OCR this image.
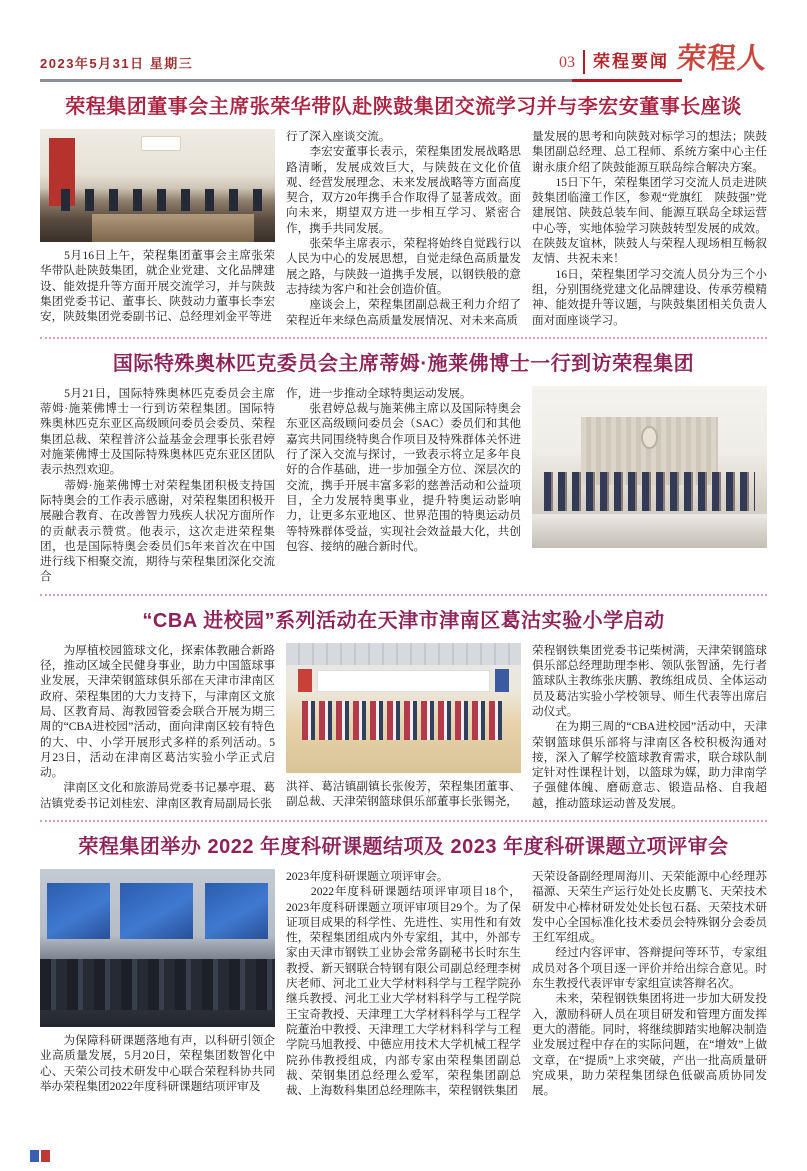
2023年5月31日 星期三	03 荣程要闻 荣程人
荣程集团董事会主席张荣华带队赴陕鼓集团交流学习并与李宏安董事长座谈

　　5月16日上午，荣程集团董事会主席张荣华带队赴陕鼓集团，就企业党建、文化品牌建设、能效提升等方面开展交流学习，并与陕鼓集团党委书记、董事长、陕鼓动力董事长李宏安，陕鼓集团党委副书记、总经理刘金平等进

行了深入座谈交流。

　　李宏安董事长表示，荣程集团发展战略思路清晰，发展成效巨大，与陕鼓在文化价值观、经营发展理念、未来发展战略等方面高度契合，双方20年携手合作取得了显著成效。面向未来，期望双方进一步相互学习、紧密合作，携手共同发展。

　　张荣华主席表示，荣程将始终自觉践行以人民为中心的发展思想，自觉走绿色高质量发展之路，与陕鼓一道携手发展，以钢铁般的意志持续为客户和社会创造价值。

　　座谈会上，荣程集团副总裁王利力介绍了荣程近年来绿色高质量发展情况、对未来高质

量发展的思考和向陕鼓对标学习的想法；陕鼓集团副总经理、总工程师、系统方案中心主任谢永康介绍了陕鼓能源互联岛综合解决方案。

　　15日下午，荣程集团学习交流人员走进陕鼓集团临潼工作区，参观“党旗红　陕鼓强”党建展馆、陕鼓总装车间、能源互联岛全球运营中心等，实地体验学习陕鼓转型发展的成效。在陕鼓友谊林，陕鼓人与荣程人现场相互畅叙友情、共祝未来！

　　16日，荣程集团学习交流人员分为三个小组，分别围绕党建文化品牌建设、传承劳模精神、能效提升等议题，与陕鼓集团相关负责人面对面座谈学习。

国际特殊奥林匹克委员会主席蒂姆·施莱佛博士一行到访荣程集团

　　5月21日，国际特殊奥林匹克委员会主席蒂姆·施莱佛博士一行到访荣程集团。国际特殊奥林匹克东亚区高级顾问委员会委员、荣程集团总裁、荣程普济公益基金会理事长张君婷对施莱佛博士及国际特殊奥林匹克东亚区团队表示热烈欢迎。

　　蒂姆·施莱佛博士对荣程集团积极支持国际特奥会的工作表示感谢，对荣程集团积极开展融合教育、在改善智力残疾人状况方面所作的贡献表示赞赏。他表示，这次走进荣程集团，也是国际特奥会委员们5年来首次在中国进行线下相聚交流，期待与荣程集团深化交流合

作，进一步推动全球特奥运动发展。

　　张君婷总裁与施莱佛主席以及国际特奥会东亚区高级顾问委员会（SAC）委员们和其他嘉宾共同围绕特奥合作项目及特殊群体关怀进行了深入交流与探讨，一致表示将立足多年良好的合作基础，进一步加强全方位、深层次的交流，携手开展丰富多彩的慈善活动和公益项目，全力发展特奥事业，提升特奥运动影响力，让更多东亚地区、世界范围的特奥运动员等特殊群体受益，实现社会效益最大化，共创包容、接纳的融合新时代。

“CBA 进校园”系列活动在天津市津南区葛沽实验小学启动

　　为厚植校园篮球文化，探索体教融合新路径，推动区域全民健身事业，助力中国篮球事业发展，天津荣钢篮球俱乐部在天津市津南区政府、荣程集团的大力支持下，与津南区文旅局、区教育局、海教园管委会联合开展为期三周的“CBA进校园”活动，面向津南区较有特色的大、中、小学开展形式多样的系列活动。5月23日，活动在津南区葛沽实验小学正式启动。

　　津南区文化和旅游局党委书记暴亭琨、葛沽镇党委书记刘桂宏、津南区教育局副局长张

洪祥、葛沽镇副镇长张俊芳，荣程集团董事、副总裁、天津荣钢篮球俱乐部董事长张锡尧，

荣程钢铁集团党委书记柴树满，天津荣钢篮球俱乐部总经理助理李彬、领队张智涵，先行者篮球队主教练张庆鹏、教练组成员、全体运动员及葛沽实验小学校领导、师生代表等出席启动仪式。

　　在为期三周的“CBA进校园”活动中，天津荣钢篮球俱乐部将与津南区各校积极沟通对接，深入了解学校篮球教育需求，联合球队制定针对性课程计划，以篮球为媒，助力津南学子强健体魄、磨砺意志、锻造品格、自我超越，推动篮球运动普及发展。

荣程集团举办 2022 年度科研课题结项及 2023 年度科研课题立项评审会

　　为保障科研课题落地有声，以科研引领企业高质量发展，5月20日，荣程集团数智化中心、天荣公司技术研发中心联合荣程科协共同举办荣程集团2022年度科研课题结项评审及

2023年度科研课题立项评审会。

　　2022年度科研课题结项评审项目18个，2023年度科研课题立项评审项目29个。为了保证项目成果的科学性、先进性、实用性和有效性，荣程集团组成内外专家组，其中，外部专家由天津市钢铁工业协会常务副秘书长时东生教授、新天钢联合特钢有限公司副总经理李树庆老师、河北工业大学材料科学与工程学院孙继兵教授、河北工业大学材料科学与工程学院王宝奇教授、天津理工大学材料科学与工程学院董治中教授、天津理工大学材料科学与工程学院马旭教授、中德应用技术大学机械工程学院孙伟教授组成，内部专家由荣程集团副总裁、荣钢集团总经理么爱军，荣程集团副总裁、上海数科集团总经理陈丰，荣程钢铁集团

天荣设备副经理周海川、天荣能源中心经理苏福源、天荣生产运行处处长皮鹏飞、天荣技术研发中心棒材研发处处长包石磊、天荣技术研发中心全国标准化技术委员会特殊钢分会委员王红军组成。

　　经过内容评审、答辩提问等环节，专家组成员对各个项目逐一评价并给出综合意见。时东生教授代表评审专家组宣读答辩名次。

　　未来，荣程钢铁集团将进一步加大研发投入，激励科研人员在项目研发和管理方面发挥更大的潜能。同时，将继续脚踏实地解决制造业发展过程中存在的实际问题，在“增效”上做文章，在“提质”上求突破，产出一批高质量研究成果，助力荣程集团绿色低碳高质协同发展。
